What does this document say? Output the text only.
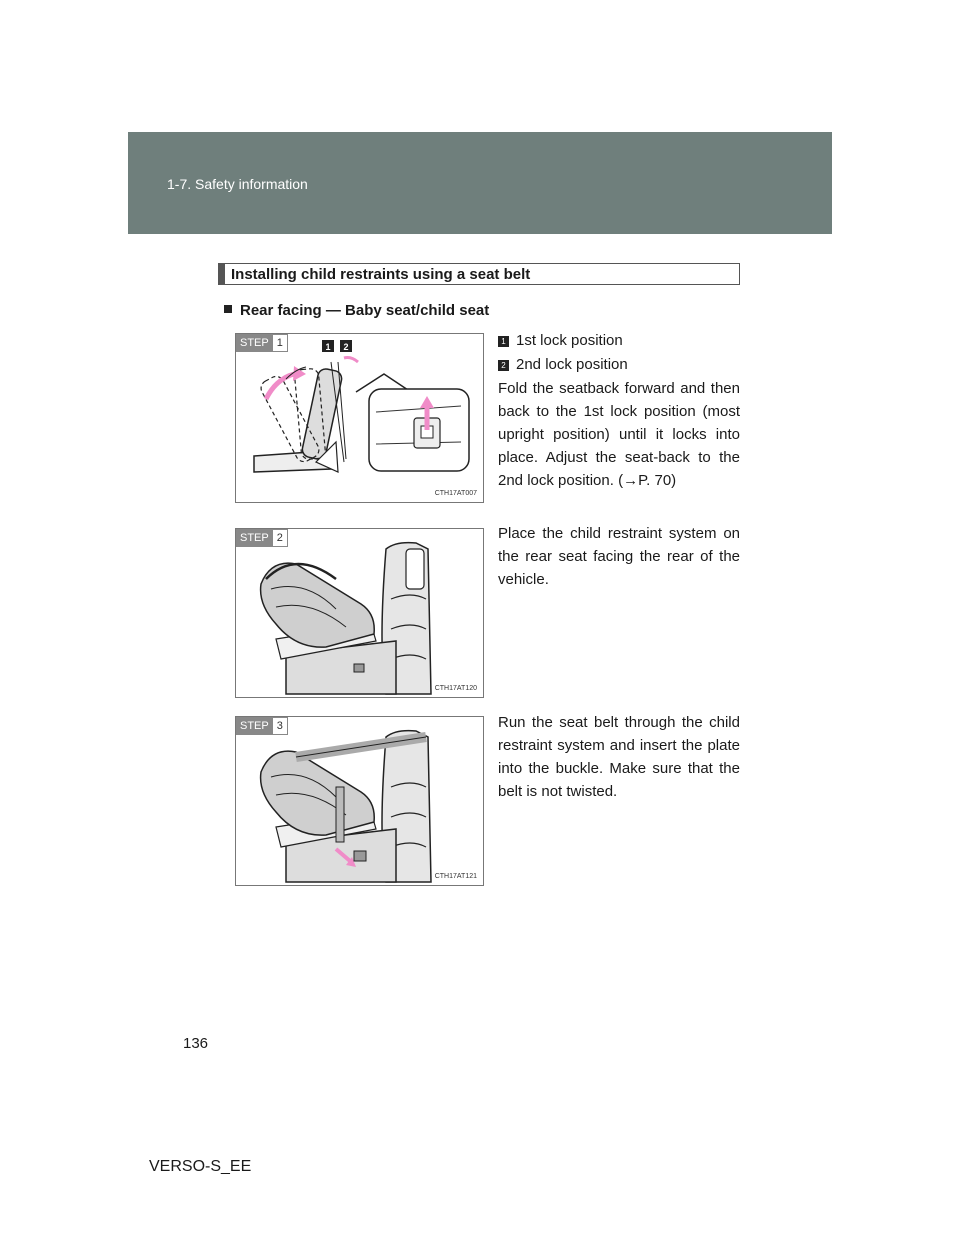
1-7. Safety information
Installing child restraints using a seat belt
Rear facing — Baby seat/child seat
1 2
STEP 1
CTH17AT007
1 1st lock position
2 2nd lock position
Fold the seatback forward and then back to the 1st lock position (most upright position) until it locks into place. Adjust the seat-back to the 2nd lock position. (→P. 70)
STEP 2
CTH17AT120
Place the child restraint system on the rear seat facing the rear of the vehicle.
STEP 3
CTH17AT121
Run the seat belt through the child restraint system and insert the plate into the buckle. Make sure that the belt is not twisted.
136
VERSO-S_EE
